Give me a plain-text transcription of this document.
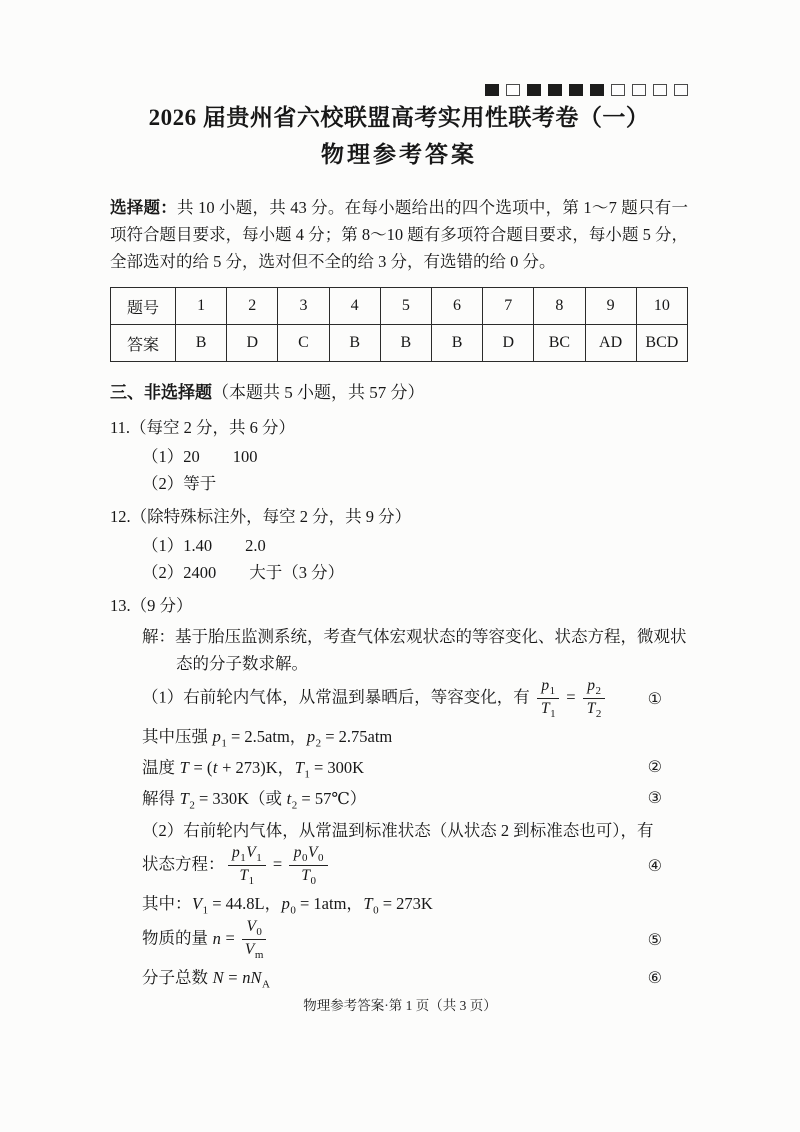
2026 届贵州省六校联盟高考实用性联考卷（一）
物理参考答案

选择题：共 10 小题，共 43 分。在每小题给出的四个选项中，第 1～7 题只有一项符合题目要求，每小题 4 分；第 8～10 题有多项符合题目要求，每小题 5 分，全部选对的给 5 分，选对但不全的给 3 分，有选错的给 0 分。

题号	1	2	3	4	5	6	7	8	9	10
答案	B	D	C	B	B	B	D	BC	AD	BCD
三、非选择题（本题共 5 小题，共 57 分）
11.（每空 2 分，共 6 分）
（1）20　　100
（2）等于
12.（除特殊标注外，每空 2 分，共 9 分）
（1）1.40　　2.0
（2）2400　　大于（3 分）
13.（9 分）
解：基于胎压监测系统，考查气体宏观状态的等容变化、状态方程，微观状态的分子数求解。
（1）右前轮内气体，从常温到暴晒后，等容变化，有 $\frac{p_1}{T_1} = \frac{p_2}{T_2}$	①
其中压强 $p_1 = 2.5atm$，$p_2 = 2.75atm$
温度 T = (t + 273)K，$T_1 = 300K$	②
解得 $T_2 = 330K$（或 $t_2$ = 57℃）	③
（2）右前轮内气体，从常温到标准状态（从状态 2 到标准态也可），有
状态方程： $\frac{p_1V_1}{T_1} = \frac{p_0V_0}{T_0}$	④
其中：$V_1 = 44.8L$，$p_0 = 1atm$，$T_0 = 273K$
物质的量 $n = \frac{V_0}{V_m}$	⑤
分子总数 $N = nN_A$	⑥
物理参考答案·第 1 页（共 3 页）
